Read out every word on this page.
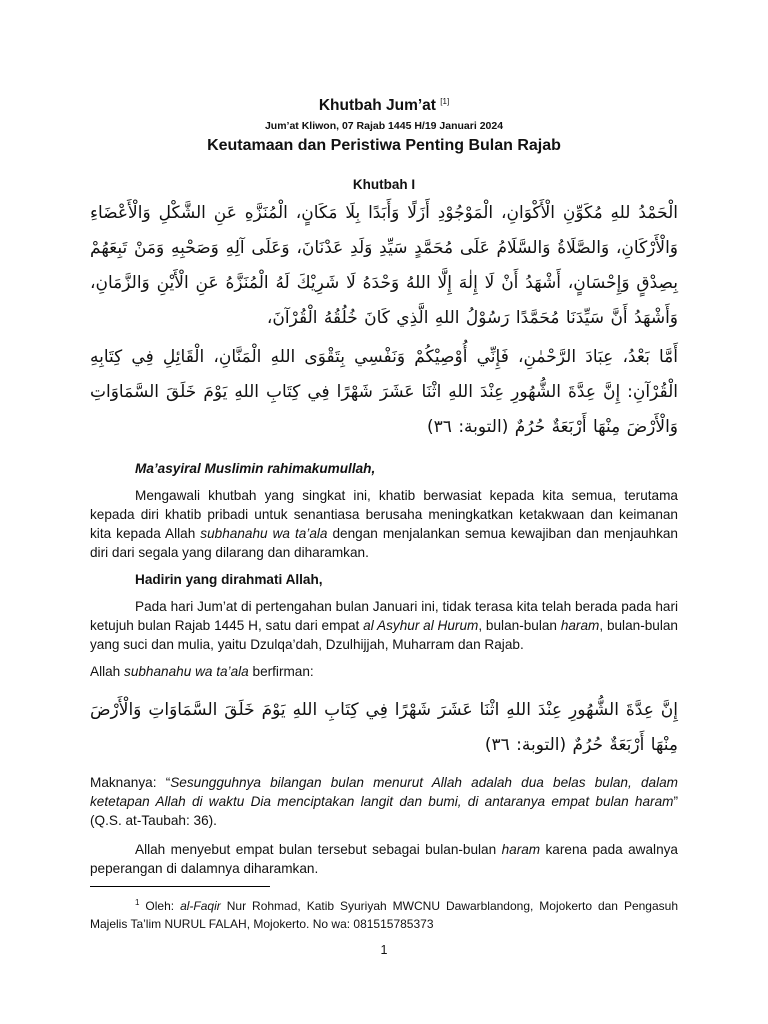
Khutbah Jum’at [1]

Jum’at Kliwon, 07 Rajab 1445 H/19 Januari 2024

Keutamaan dan Peristiwa Penting Bulan Rajab

Khutbah I

الْحَمْدُ للهِ مُكَوِّنِ الْأَكْوَانِ، الْمَوْجُوْدِ أَزَلًا وَأَبَدًا بِلَا مَكَانٍ، الْمُنَزَّهِ عَنِ الشَّكْلِ وَالْأَعْضَاءِ وَالْأَرْكَانِ، وَالصَّلَاةُ وَالسَّلَامُ عَلَى مُحَمَّدٍ سَيِّدِ وَلَدِ عَدْنَانَ، وَعَلَى آلِهِ وَصَحْبِهِ وَمَنْ تَبِعَهُمْ بِصِدْقٍ وَإِحْسَانٍ، أَشْهَدُ أَنْ لَا إِلٰهَ إِلَّا اللهُ وَحْدَهُ لَا شَرِيْكَ لَهُ الْمُنَزَّهُ عَنِ الْأَيْنِ وَالزَّمَانِ، وَأَشْهَدُ أَنَّ سَيِّدَنَا مُحَمَّدًا رَسُوْلُ اللهِ الَّذِي كَانَ خُلُقُهُ الْقُرْآنَ،

أَمَّا بَعْدُ، عِبَادَ الرَّحْمٰنِ، فَإِنِّي أُوْصِيْكُمْ وَنَفْسِي بِتَقْوَى اللهِ الْمَنَّانِ، الْقَائِلِ فِي كِتَابِهِ الْقُرْآنِ: إِنَّ عِدَّةَ الشُّهُورِ عِنْدَ اللهِ اثْنَا عَشَرَ شَهْرًا فِي كِتَابِ اللهِ يَوْمَ خَلَقَ السَّمَاوَاتِ وَالْأَرْضَ مِنْهَا أَرْبَعَةٌ حُرُمٌ (التوبة: ٣٦)

Ma’asyiral Muslimin rahimakumullah,

Mengawali khutbah yang singkat ini, khatib berwasiat kepada kita semua, terutama kepada diri khatib pribadi untuk senantiasa berusaha meningkatkan ketakwaan dan keimanan kita kepada Allah subhanahu wa ta’ala dengan menjalankan semua kewajiban dan menjauhkan diri dari segala yang dilarang dan diharamkan.

Hadirin yang dirahmati Allah,

Pada hari Jum’at di pertengahan bulan Januari ini, tidak terasa kita telah berada pada hari ketujuh bulan Rajab 1445 H, satu dari empat al Asyhur al Hurum, bulan-bulan haram, bulan-bulan yang suci dan mulia, yaitu Dzulqa’dah, Dzulhijjah, Muharram dan Rajab.

Allah subhanahu wa ta’ala berfirman:

إِنَّ عِدَّةَ الشُّهُورِ عِنْدَ اللهِ اثْنَا عَشَرَ شَهْرًا فِي كِتَابِ اللهِ يَوْمَ خَلَقَ السَّمَاوَاتِ وَالْأَرْضَ مِنْهَا أَرْبَعَةٌ حُرُمٌ (التوبة: ٣٦)

Maknanya: “Sesungguhnya bilangan bulan menurut Allah adalah dua belas bulan, dalam ketetapan Allah di waktu Dia menciptakan langit dan bumi, di antaranya empat bulan haram” (Q.S. at-Taubah: 36).

Allah menyebut empat bulan tersebut sebagai bulan-bulan haram karena pada awalnya peperangan di dalamnya diharamkan.

$^1$ Oleh: al-Faqir Nur Rohmad, Katib Syuriyah MWCNU Dawarblandong, Mojokerto dan Pengasuh Majelis Ta’lim NURUL FALAH, Mojokerto. No wa: 081515785373

1
